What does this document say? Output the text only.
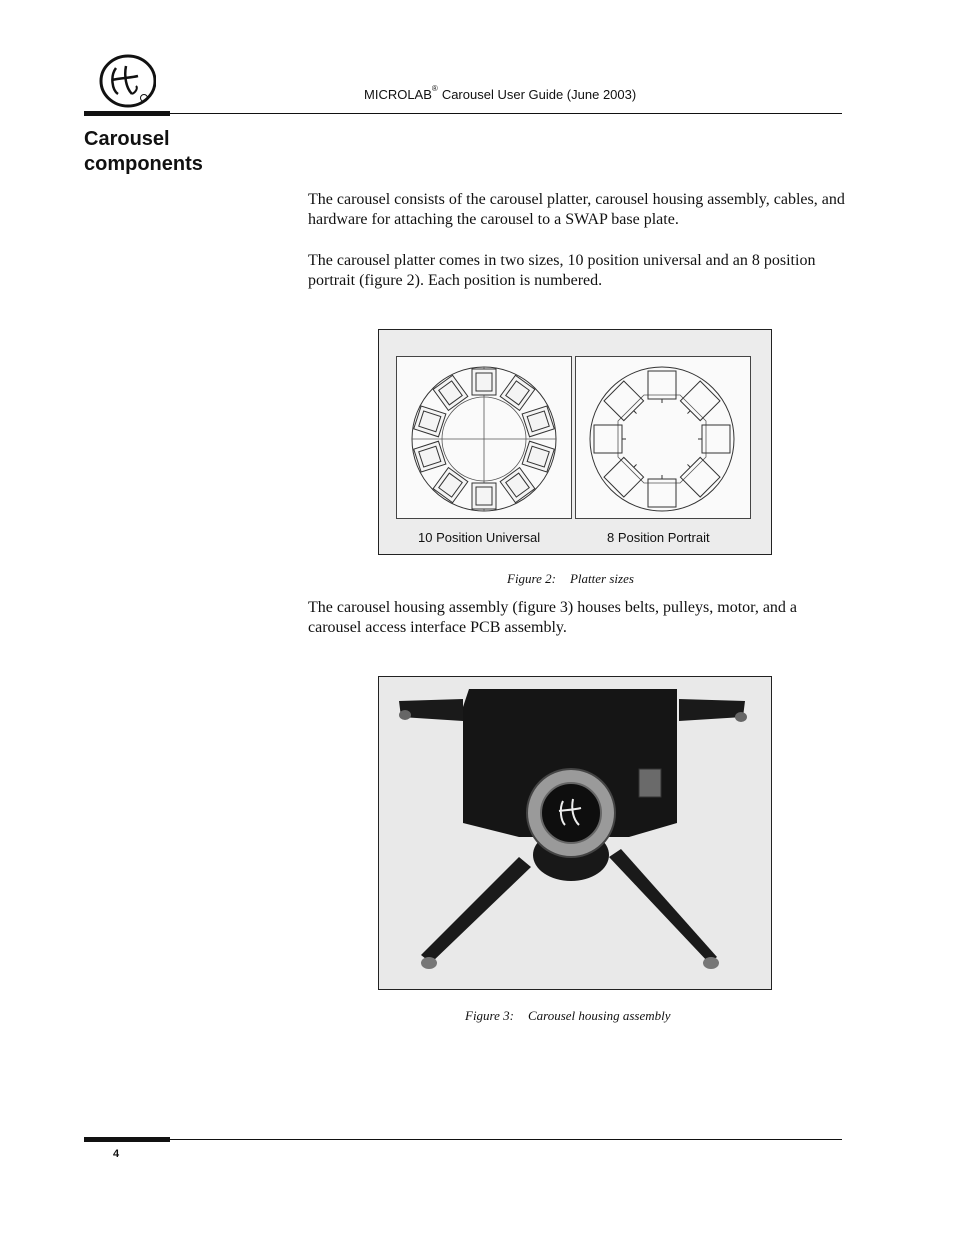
MICROLAB® Carousel User Guide (June 2003)
Carousel
components
The carousel consists of the carousel platter, carousel housing assembly, cables, and hardware for attaching the carousel to a SWAP base plate.
The carousel platter comes in two sizes, 10 position universal and an 8 position portrait (figure 2). Each position is numbered.
10 Position Universal	8 Position Portrait
Figure 2: Platter sizes
The carousel housing assembly (figure 3) houses belts, pulleys, motor, and a carousel access interface PCB assembly.
Figure 3: Carousel housing assembly
4
